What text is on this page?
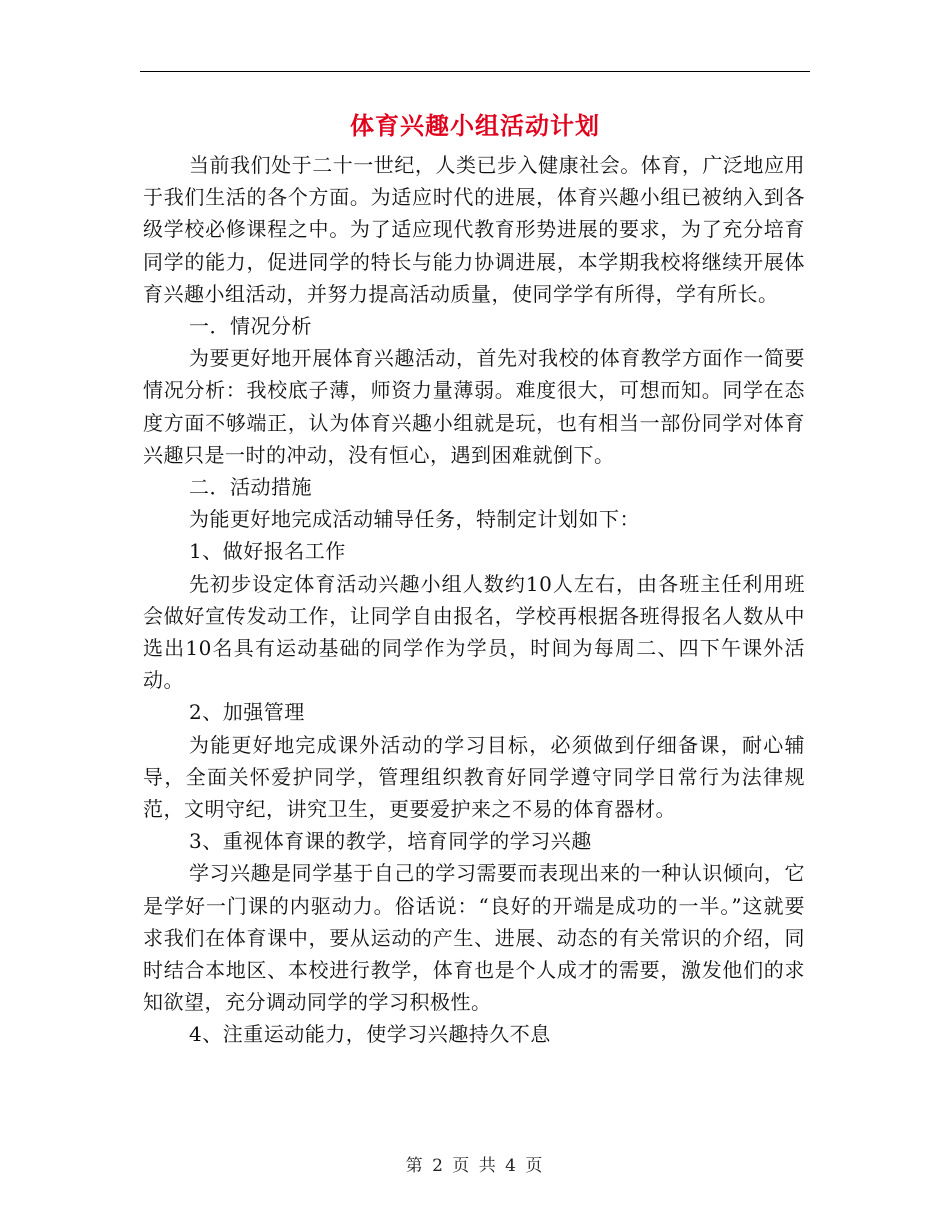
体育兴趣小组活动计划

当前我们处于二十一世纪，人类已步入健康社会。体育，广泛地应用于我们生活的各个方面。为适应时代的进展，体育兴趣小组已被纳入到各级学校必修课程之中。为了适应现代教育形势进展的要求，为了充分培育同学的能力，促进同学的特长与能力协调进展，本学期我校将继续开展体育兴趣小组活动，并努力提高活动质量，使同学学有所得，学有所长。

一．情况分析

为要更好地开展体育兴趣活动，首先对我校的体育教学方面作一简要情况分析：我校底子薄，师资力量薄弱。难度很大，可想而知。同学在态度方面不够端正，认为体育兴趣小组就是玩，也有相当一部份同学对体育兴趣只是一时的冲动，没有恒心，遇到困难就倒下。

二．活动措施

为能更好地完成活动辅导任务，特制定计划如下：

1、做好报名工作

先初步设定体育活动兴趣小组人数约10人左右，由各班主任利用班会做好宣传发动工作，让同学自由报名，学校再根据各班得报名人数从中选出10名具有运动基础的同学作为学员，时间为每周二、四下午课外活动。

2、加强管理

为能更好地完成课外活动的学习目标，必须做到仔细备课，耐心辅导，全面关怀爱护同学，管理组织教育好同学遵守同学日常行为法律规范，文明守纪，讲究卫生，更要爱护来之不易的体育器材。

3、重视体育课的教学，培育同学的学习兴趣

学习兴趣是同学基于自己的学习需要而表现出来的一种认识倾向，它是学好一门课的内驱动力。俗话说：“良好的开端是成功的一半。”这就要求我们在体育课中，要从运动的产生、进展、动态的有关常识的介绍，同时结合本地区、本校进行教学，体育也是个人成才的需要，激发他们的求知欲望，充分调动同学的学习积极性。

4、注重运动能力，使学习兴趣持久不息

第 2 页 共 4 页
